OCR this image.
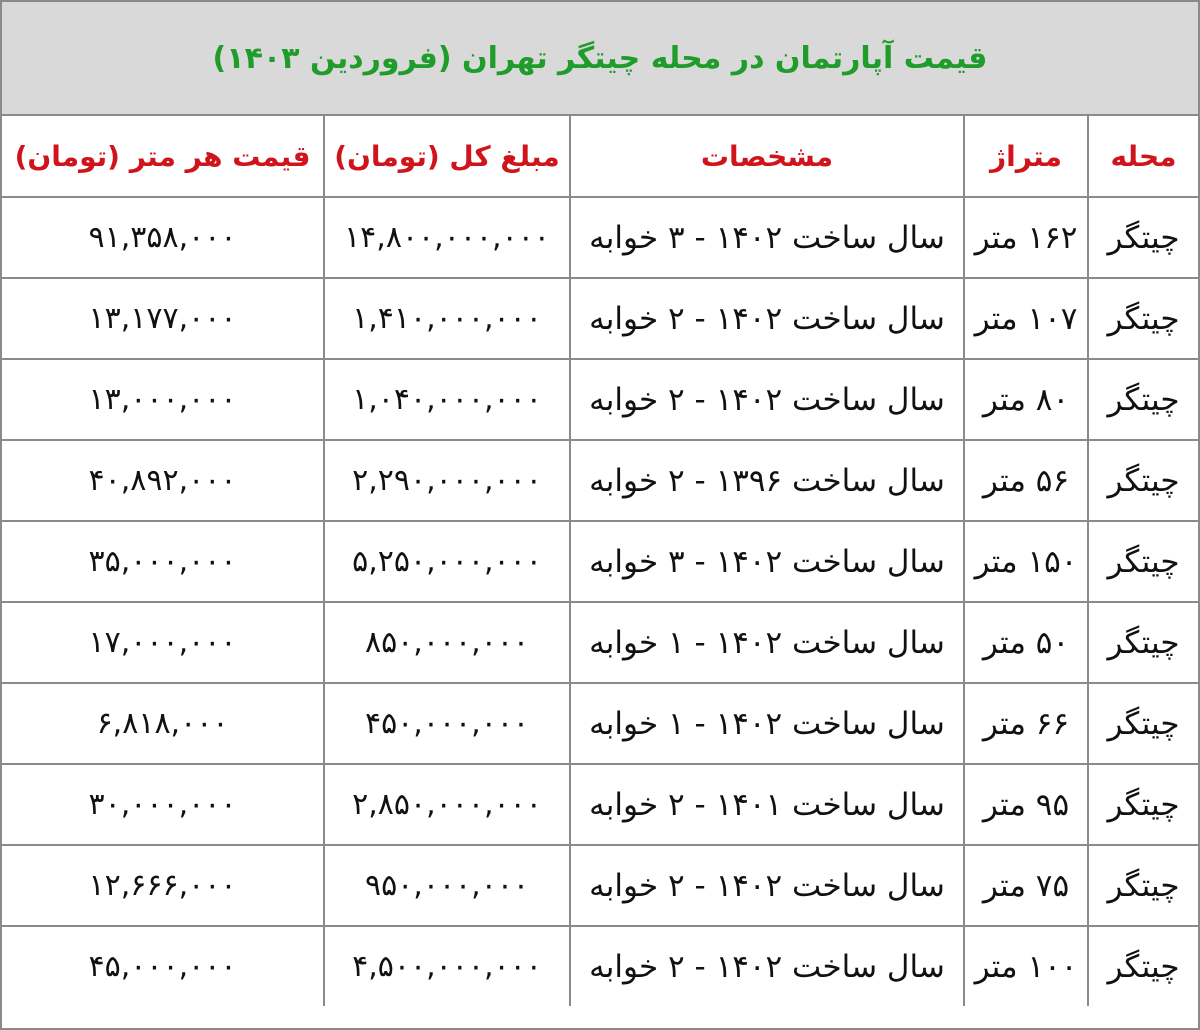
قیمت آپارتمان در محله چیتگر تهران (فروردین ۱۴۰۳)
محله	متراژ	مشخصات	مبلغ کل (تومان)	قیمت هر متر (تومان)
چیتگر	۱۶۲ متر	سال ساخت ۱۴۰۲ - ۳ خوابه	۱۴,۸۰۰,۰۰۰,۰۰۰	۹۱,۳۵۸,۰۰۰
چیتگر	۱۰۷ متر	سال ساخت ۱۴۰۲ - ۲ خوابه	۱,۴۱۰,۰۰۰,۰۰۰	۱۳,۱۷۷,۰۰۰
چیتگر	۸۰ متر	سال ساخت ۱۴۰۲ - ۲ خوابه	۱,۰۴۰,۰۰۰,۰۰۰	۱۳,۰۰۰,۰۰۰
چیتگر	۵۶ متر	سال ساخت ۱۳۹۶ - ۲ خوابه	۲,۲۹۰,۰۰۰,۰۰۰	۴۰,۸۹۲,۰۰۰
چیتگر	۱۵۰ متر	سال ساخت ۱۴۰۲ - ۳ خوابه	۵,۲۵۰,۰۰۰,۰۰۰	۳۵,۰۰۰,۰۰۰
چیتگر	۵۰ متر	سال ساخت ۱۴۰۲ - ۱ خوابه	۸۵۰,۰۰۰,۰۰۰	۱۷,۰۰۰,۰۰۰
چیتگر	۶۶ متر	سال ساخت ۱۴۰۲ - ۱ خوابه	۴۵۰,۰۰۰,۰۰۰	۶,۸۱۸,۰۰۰
چیتگر	۹۵ متر	سال ساخت ۱۴۰۱ - ۲ خوابه	۲,۸۵۰,۰۰۰,۰۰۰	۳۰,۰۰۰,۰۰۰
چیتگر	۷۵ متر	سال ساخت ۱۴۰۲ - ۲ خوابه	۹۵۰,۰۰۰,۰۰۰	۱۲,۶۶۶,۰۰۰
چیتگر	۱۰۰ متر	سال ساخت ۱۴۰۲ - ۲ خوابه	۴,۵۰۰,۰۰۰,۰۰۰	۴۵,۰۰۰,۰۰۰
